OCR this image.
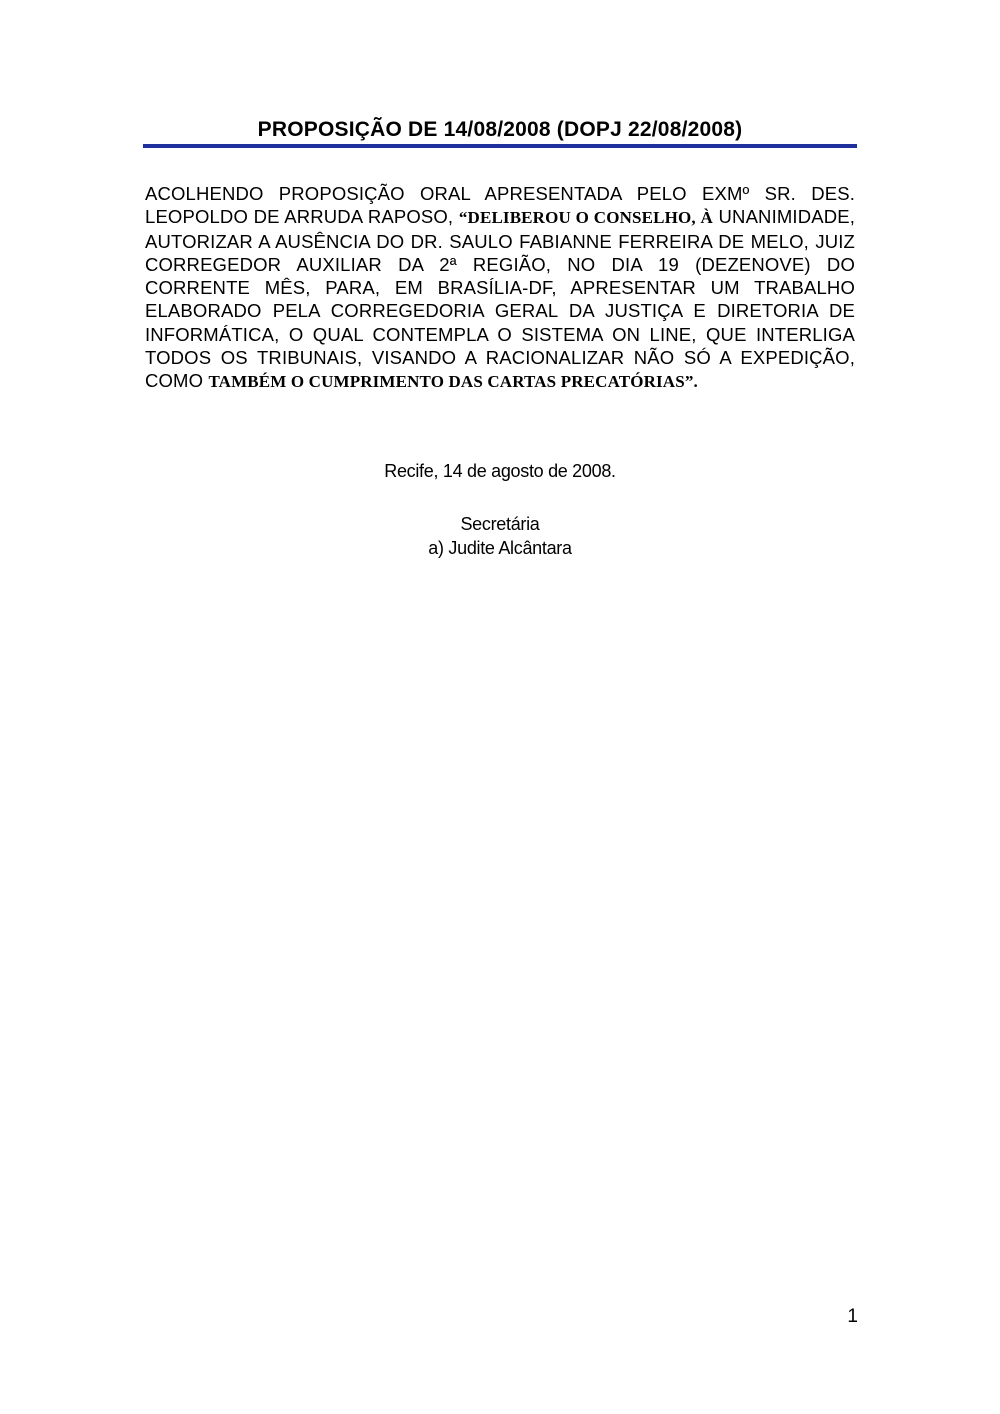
PROPOSIÇÃO DE 14/08/2008 (DOPJ 22/08/2008)

ACOLHENDO PROPOSIÇÃO ORAL APRESENTADA PELO EXMº SR. DES. LEOPOLDO DE ARRUDA RAPOSO, “DELIBEROU O CONSELHO, À UNANIMIDADE, AUTORIZAR A AUSÊNCIA DO DR. SAULO FABIANNE FERREIRA DE MELO, JUIZ CORREGEDOR AUXILIAR DA 2ª REGIÃO, NO DIA 19 (DEZENOVE) DO CORRENTE MÊS, PARA, EM BRASÍLIA-DF, APRESENTAR UM TRABALHO ELABORADO PELA CORREGEDORIA GERAL DA JUSTIÇA E DIRETORIA DE INFORMÁTICA, O QUAL CONTEMPLA O SISTEMA ON LINE, QUE INTERLIGA TODOS OS TRIBUNAIS, VISANDO A RACIONALIZAR NÃO SÓ A EXPEDIÇÃO, COMO TAMBÉM O CUMPRIMENTO DAS CARTAS PRECATÓRIAS”.

Recife, 14 de agosto de 2008.

Secretária

a) Judite Alcântara

1
